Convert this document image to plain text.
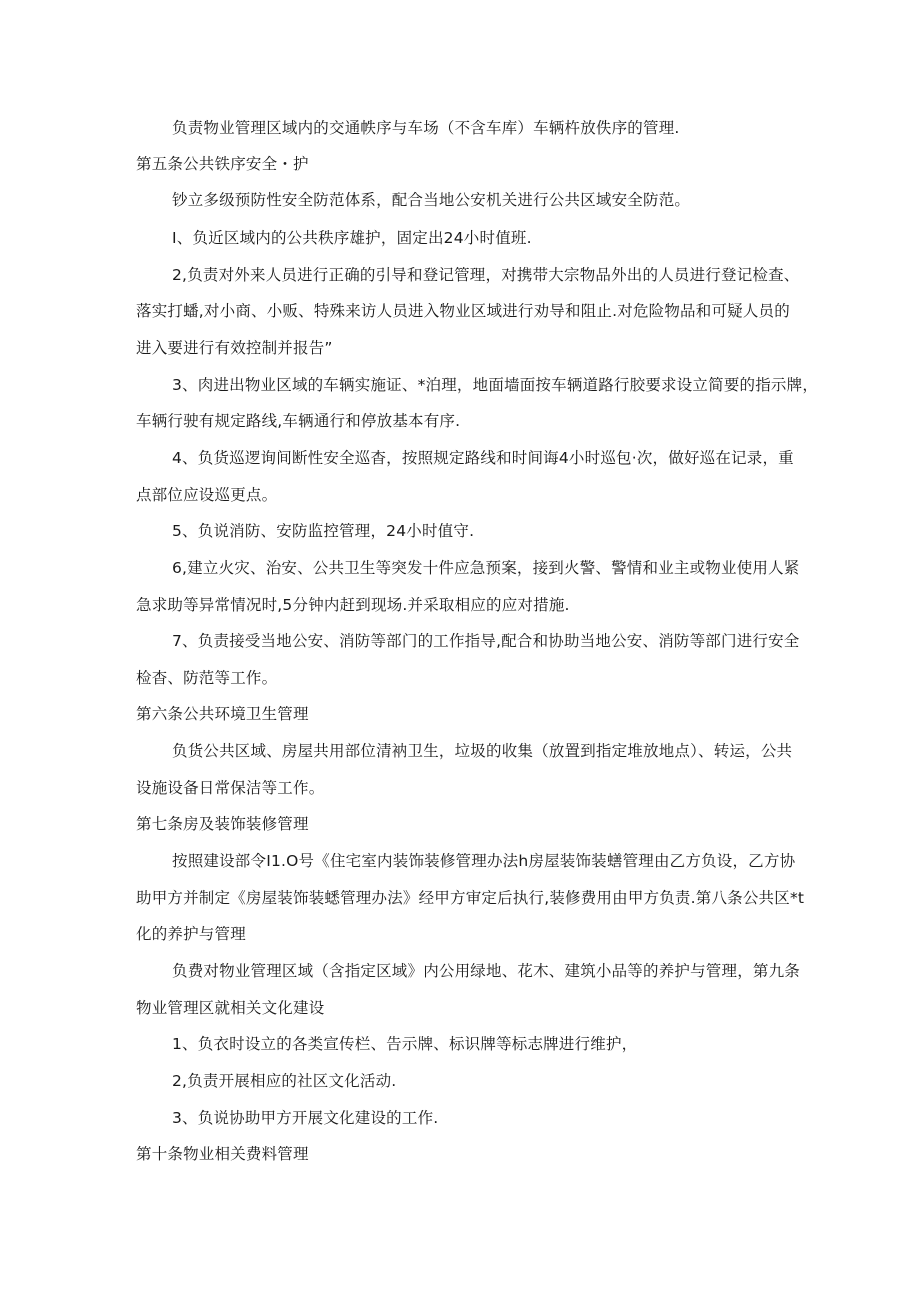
负责物业管理区域内的交通帙序与车场（不含车库）车辆杵放佚序的管理.
第五条公共铁序安全・护
钞立多级预防性安全防范体系，配合当地公安机关进行公共区域安全防范。
I、负近区域内的公共秩序雄护，固定出24小时值班.
2,负责对外来人员进行正确的引导和登记管理，对携带大宗物品外出的人员进行登记检查、
落实打蟠,对小商、小贩、特殊来访人员进入物业区域进行劝导和阻止.对危险物品和可疑人员的
进入要进行有效控制并报告”
3、肉进出物业区域的车辆实施证、*泊理，地面墙面按车辆道路行胶要求设立简要的指示牌，
车辆行驶有规定路线,车辆通行和停放基本有序.
4、负货巡逻询间断性安全巡杳，按照规定路线和时间诲4小时巡包·次，做好巡在记录，重
点部位应设巡更点。
5、负说消防、安防监控管理，24小时值守.
6,建立火灾、治安、公共卫生等突发十件应急预案，接到火警、警情和业主或物业使用人紧
急求助等异常情况时,5分钟内赶到现场.并采取相应的应对措施.
7、负责接受当地公安、消防等部门的工作指导,配合和协助当地公安、消防等部门进行安全
检杳、防范等工作。
第六条公共环境卫生管理
负货公共区域、房屋共用部位清衲卫生，垃圾的收集（放置到指定堆放地点）、转运，公共
设施设备日常保洁等工作。
第七条房及装饰装修管理
按照建设部令I1.O号《住宅室内装饰装修管理办法h房屋装饰装蟮管理由乙方负设，乙方协
助甲方并制定《房屋装饰装蟋管理办法》经甲方审定后执行,装修费用由甲方负责.第八条公共区*t
化的养护与管理
负费对物业管理区域（含指定区域》内公用绿地、花木、建筑小品等的养护与管理，第九条
物业管理区就相关文化建设
1、负衣时设立的各类宣传栏、告示牌、标识牌等标志牌进行维护，
2,负责开展相应的社区文化活动.
3、负说协助甲方开展文化建设的工作.
第十条物业相关费料管理
